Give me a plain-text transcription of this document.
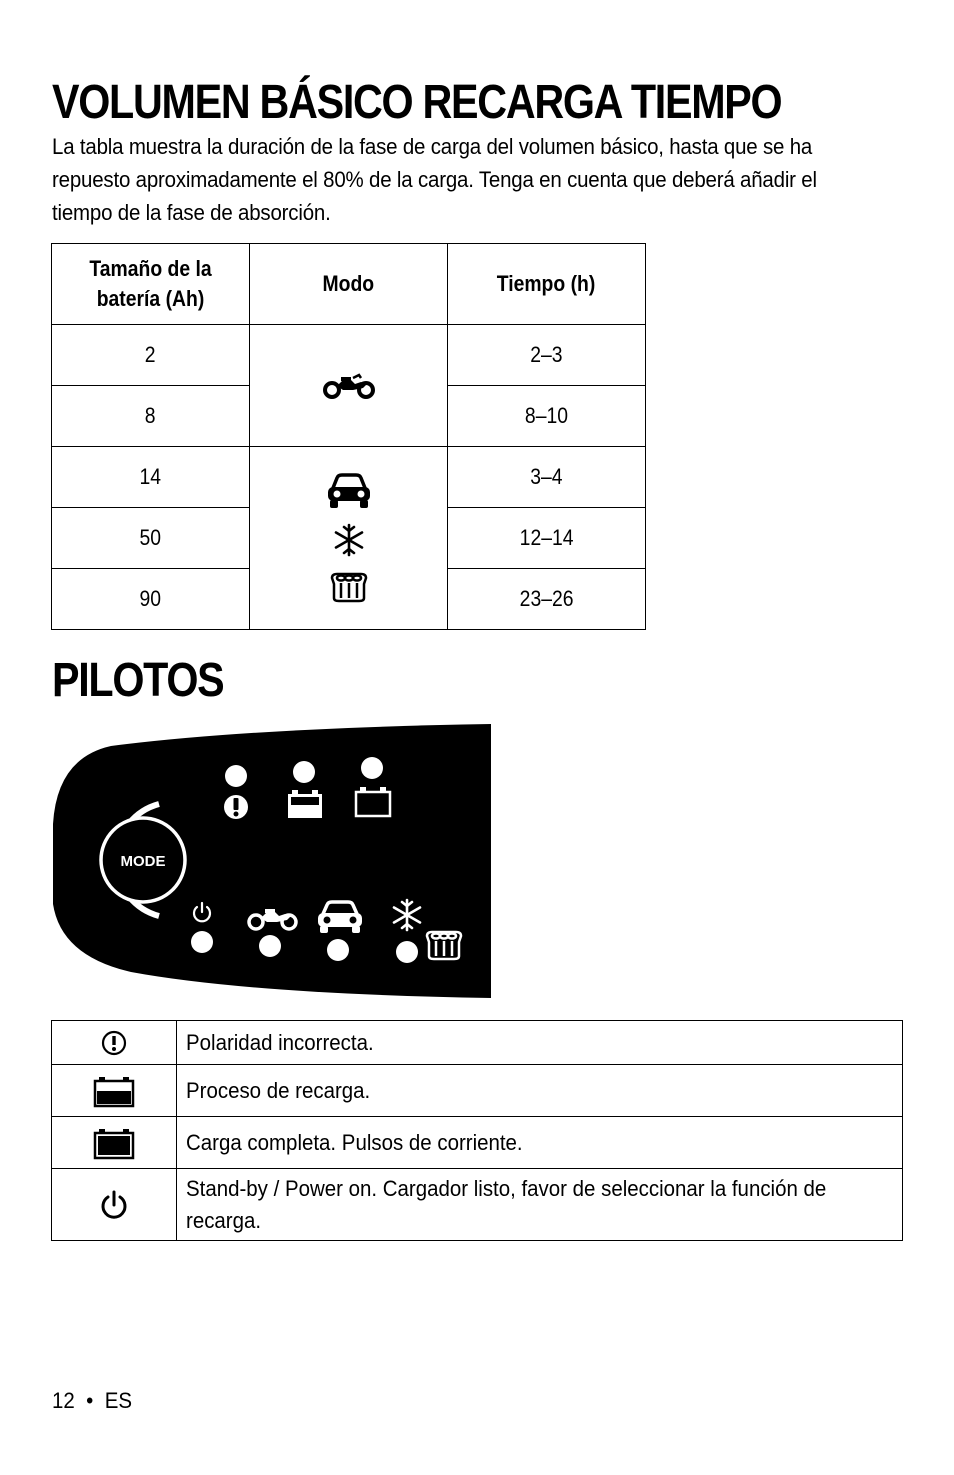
VOLUMEN BÁSICO RECARGA TIEMPO

La tabla muestra la duración de la fase de carga del volumen básico, hasta que se ha repuesto aproximadamente el 80% de la carga. Tenga en cuenta que deberá añadir el tiempo de la fase de absorción.

Tamaño de la batería (Ah)	Modo	Tiempo (h)
2		2–3
8		8–10
14		3–4
50		12–14
90		23–26
PILOTOS
MODE
	Polaridad incorrecta.

	Proceso de recarga.

	Carga completa. Pulsos de corriente.

	Stand-by / Power on. Cargador listo, favor de seleccionar la función de recarga.
12 • ES
